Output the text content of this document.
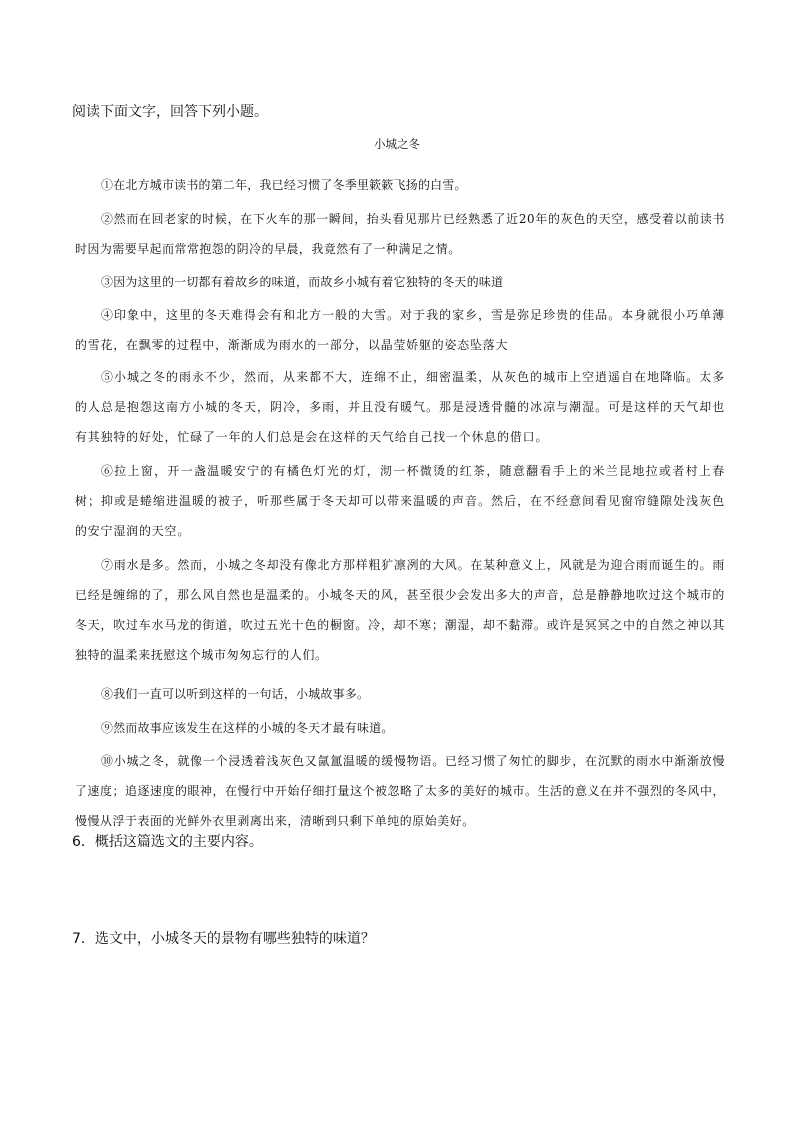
阅读下面文字，回答下列小题。
小城之冬

①在北方城市读书的第二年，我已经习惯了冬季里簌簌飞扬的白雪。

②然而在回老家的时候，在下火车的那一瞬间，抬头看见那片已经熟悉了近20年的灰色的天空，感受着以前读书时因为需要早起而常常抱怨的阴冷的早晨，我竟然有了一种满足之情。

③因为这里的一切都有着故乡的味道，而故乡小城有着它独特的冬天的味道

④印象中，这里的冬天难得会有和北方一般的大雪。对于我的家乡，雪是弥足珍贵的佳品。本身就很小巧单薄的雪花，在飘零的过程中，渐渐成为雨水的一部分，以晶莹娇躯的姿态坠落大

⑤小城之冬的雨永不少，然而，从来都不大，连绵不止，细密温柔，从灰色的城市上空逍遥自在地降临。太多的人总是抱怨这南方小城的冬天，阴冷，多雨，并且没有暖气。那是浸透骨髓的冰凉与潮湿。可是这样的天气却也有其独特的好处，忙碌了一年的人们总是会在这样的天气给自己找一个休息的借口。

⑥拉上窗，开一盏温暖安宁的有橘色灯光的灯，沏一杯微烫的红茶，随意翻看手上的米兰昆地拉或者村上春树；抑或是蜷缩进温暖的被子，听那些属于冬天却可以带来温暖的声音。然后，在不经意间看见窗帘缝隙处浅灰色的安宁湿润的天空。

⑦雨水是多。然而，小城之冬却没有像北方那样粗犷凛冽的大风。在某种意义上，风就是为迎合雨而诞生的。雨已经是缠绵的了，那么风自然也是温柔的。小城冬天的风，甚至很少会发出多大的声音，总是静静地吹过这个城市的冬天，吹过车水马龙的街道，吹过五光十色的橱窗。冷，却不寒；潮湿，却不黏滞。或许是冥冥之中的自然之神以其独特的温柔来抚慰这个城市匆匆忘行的人们。

⑧我们一直可以听到这样的一句话，小城故事多。

⑨然而故事应该发生在这样的小城的冬天才最有味道。

⑩小城之冬，就像一个浸透着浅灰色又氤氲温暖的缓慢物语。已经习惯了匆忙的脚步，在沉默的雨水中渐渐放慢了速度；追逐速度的眼神，在慢行中开始仔细打量这个被忽略了太多的美好的城市。生活的意义在并不强烈的冬风中，慢慢从浮于表面的光鲜外衣里剥离出来，清晰到只剩下单纯的原始美好。

6．概括这篇选文的主要内容。
7．选文中，小城冬天的景物有哪些独特的味道？
